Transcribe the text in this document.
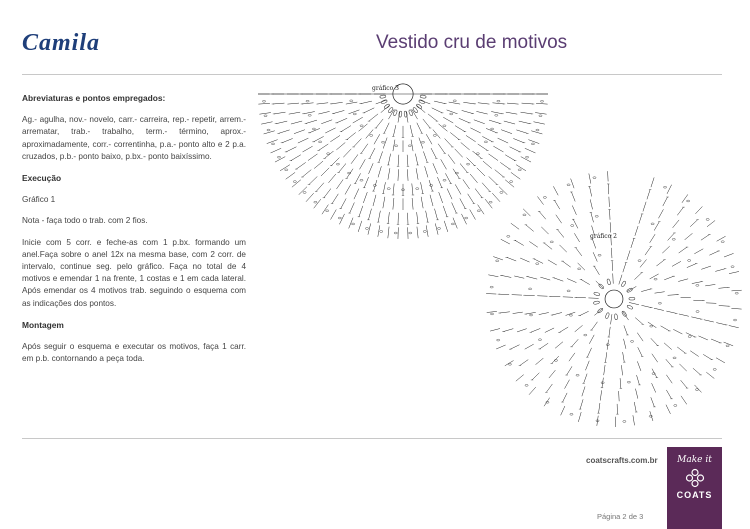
Camila	Vestido cru de motivos
Abreviaturas e pontos empregados:

Ag.- agulha, nov.- novelo, carr.- carreira, rep.- repetir, arrem.- arrematar, trab.- trabalho, term.- término, aprox.- aproximadamente, corr.- correntinha, p.a.- ponto alto e 2 p.a. cruzados, p.b.- ponto baixo, p.bx.- ponto baixíssimo.

Execução

Gráfico 1

Nota - faça todo o trab. com 2 fios.

Inicie com 5 corr. e feche-as com 1 p.bx. formando um anel.Faça sobre o anel 12x na mesma base, com 2 corr. de intervalo, continue seg. pelo gráfico. Faça no total de 4 motivos e emendar 1 na frente, 1 costas e 1 em cada lateral. Após emendar os 4 motivos trab. seguindo o esquema com as indicações dos pontos.

Montagem

Após seguir o esquema e executar os motivos, faça 1 carr. em p.b. contornando a peça toda.

gráfico 3
gráfico 2
coatscrafts.com.br	Make it
COATS
Página 2 de 3
